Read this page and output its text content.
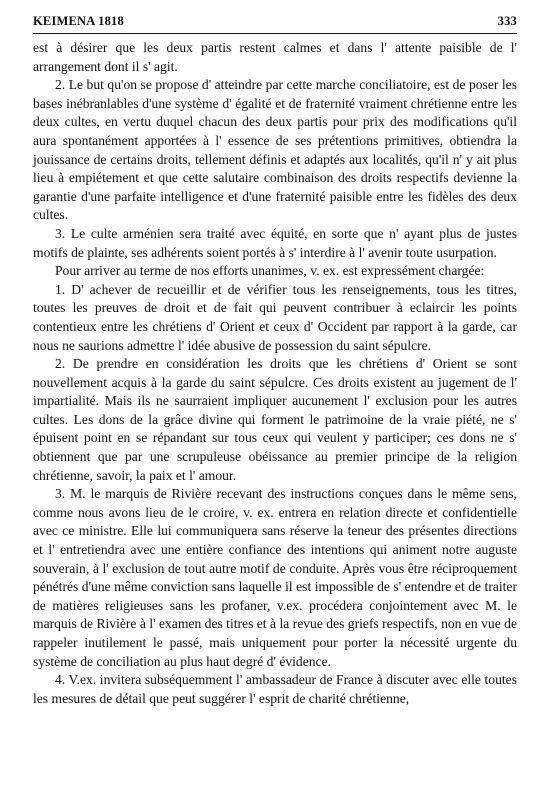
KEIMENA 1818	333

est à désirer que les deux partis restent calmes et dans l' attente paisible de l' arrangement dont il s' agit.

2. Le but qu'on se propose d' atteindre par cette marche conciliatoire, est de poser les bases inébranlables d'une système d' égalité et de fraternité vraiment chrétienne entre les deux cultes, en vertu duquel chacun des deux partis pour prix des modifications qu'il aura spontanément apportées à l' essence de ses prétentions primitives, obtiendra la jouissance de certains droits, tellement définis et adaptés aux localités, qu'il n' y ait plus lieu à empiétement et que cette salutaire combinaison des droits respectifs devienne la garantie d'une parfaite intelligence et d'une fraternité paisible entre les fidèles des deux cultes.

3. Le culte arménien sera traité avec équité, en sorte que n' ayant plus de justes motifs de plainte, ses adhérents soient portés à s' interdire à l' avenir toute usurpation.

Pour arriver au terme de nos efforts unanimes, v. ex. est expressément chargée:

1. D' achever de recueillir et de vérifier tous les renseignements, tous les titres, toutes les preuves de droit et de fait qui peuvent contribuer à eclaircir les points contentieux entre les chrétiens d' Orient et ceux d' Occident par rapport à la garde, car nous ne saurions admettre l' idée abusive de possession du saint sépulcre.

2. De prendre en considération les droits que les chrétiens d' Orient se sont nouvellement acquis à la garde du saint sépulcre. Ces droits existent au jugement de l' impartialité. Mais ils ne saurraient impliquer aucunement l' exclusion pour les autres cultes. Les dons de la grâce divine qui forment le patrimoine de la vraie piété, ne s' épuisent point en se répandant sur tous ceux qui veulent y participer; ces dons ne s' obtiennent que par une scrupuleuse obéissance au premier principe de la religion chrétienne, savoir, la paix et l' amour.

3. M. le marquis de Rivière recevant des instructions conçues dans le même sens, comme nous avons lieu de le croire, v. ex. entrera en relation directe et confidentielle avec ce ministre. Elle lui communiquera sans réserve la teneur des présentes directions et l' entretiendra avec une entière confiance des intentions qui animent notre auguste souverain, à l' exclusion de tout autre motif de conduite. Après vous être réciproquement pénétrés d'une même conviction sans laquelle il est impossible de s' entendre et de traiter de matières religieuses sans les profaner, v.ex. procédera conjointement avec M. le marquis de Rivière à l' examen des titres et à la revue des griefs respectifs, non en vue de rappeler inutilement le passé, mais uniquement pour porter la nécessité urgente du système de conciliation au plus haut degré d' évidence.

4. V.ex. invitera subséquemment l' ambassadeur de France à discuter avec elle toutes les mesures de détail que peut suggérer l' esprit de charité chrétienne,
